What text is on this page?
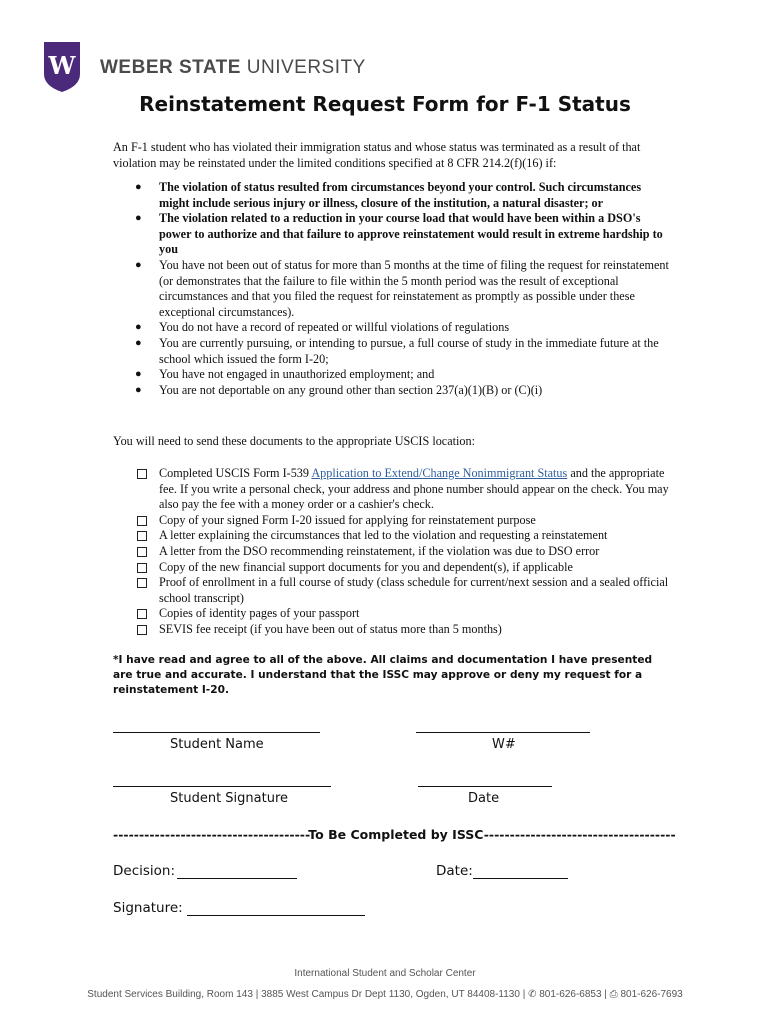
W WEBER STATE UNIVERSITY
Reinstatement Request Form for F-1 Status
An F-1 student who has violated their immigration status and whose status was terminated as a result of that violation may be reinstated under the limited conditions specified at 8 CFR 214.2(f)(16) if:
● The violation of status resulted from circumstances beyond your control. Such circumstances might include serious injury or illness, closure of the institution, a natural disaster; or
● The violation related to a reduction in your course load that would have been within a DSO's power to authorize and that failure to approve reinstatement would result in extreme hardship to you
● You have not been out of status for more than 5 months at the time of filing the request for reinstatement (or demonstrates that the failure to file within the 5 month period was the result of exceptional circumstances and that you filed the request for reinstatement as promptly as possible under these exceptional circumstances).
● You do not have a record of repeated or willful violations of regulations
● You are currently pursuing, or intending to pursue, a full course of study in the immediate future at the school which issued the form I-20;
● You have not engaged in unauthorized employment; and
● You are not deportable on any ground other than section 237(a)(1)(B) or (C)(i)
You will need to send these documents to the appropriate USCIS location:
Completed USCIS Form I-539 Application to Extend/Change Nonimmigrant Status and the appropriate fee. If you write a personal check, your address and phone number should appear on the check. You may also pay the fee with a money order or a cashier's check.
Copy of your signed Form I-20 issued for applying for reinstatement purpose
A letter explaining the circumstances that led to the violation and requesting a reinstatement
A letter from the DSO recommending reinstatement, if the violation was due to DSO error
Copy of the new financial support documents for you and dependent(s), if applicable
Proof of enrollment in a full course of study (class schedule for current/next session and a sealed official school transcript)
Copies of identity pages of your passport
SEVIS fee receipt (if you have been out of status more than 5 months)
*I have read and agree to all of the above. All claims and documentation I have presented are true and accurate. I understand that the ISSC may approve or deny my request for a reinstatement I-20.
Student Name	W#
Student Signature	Date
--------------------------------------To Be Completed by ISSC-------------------------------------
Decision:	Date:
Signature:
International Student and Scholar Center
Student Services Building, Room 143 | 3885 West Campus Dr Dept 1130, Ogden, UT 84408-1130 | ✆ 801-626-6853 | ⎙ 801-626-7693
